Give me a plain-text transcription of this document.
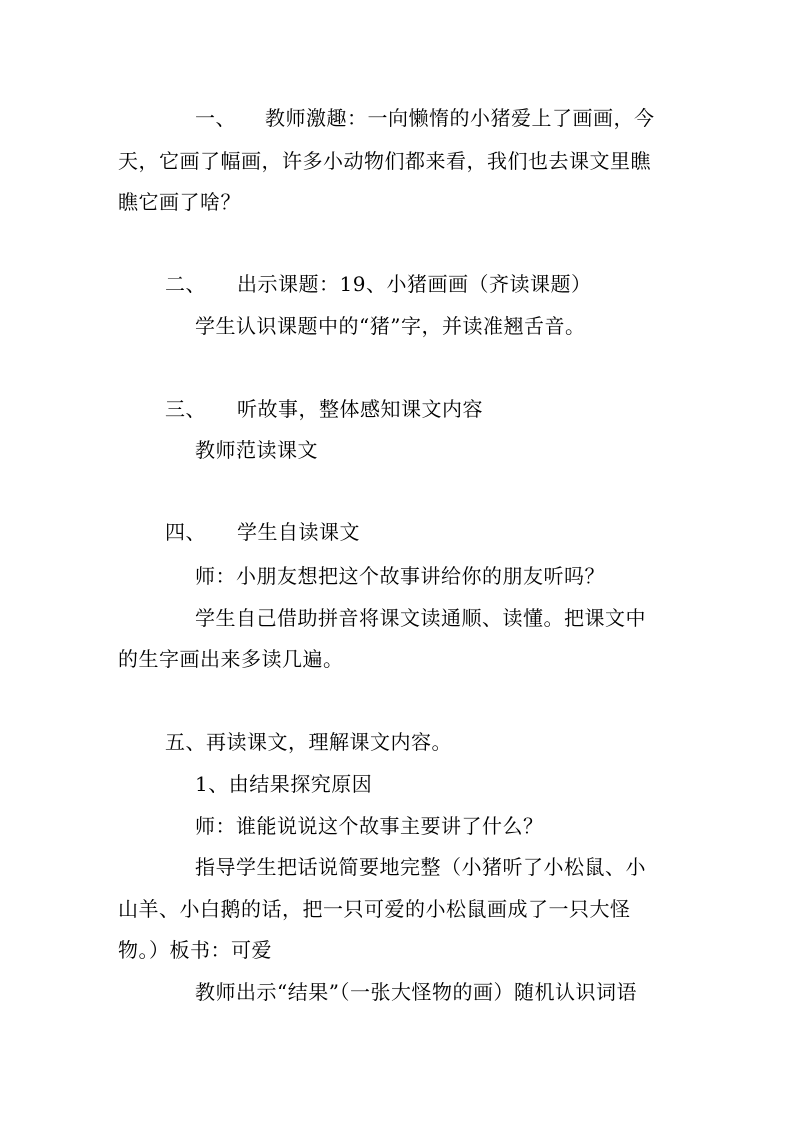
一、 教师激趣：一向懒惰的小猪爱上了画画，今
天，它画了幅画，许多小动物们都来看，我们也去课文里瞧
瞧它画了啥？
二、 出示课题：19、小猪画画（齐读课题）
学生认识课题中的“猪”字，并读准翘舌音。
三、 听故事，整体感知课文内容
教师范读课文
四、 学生自读课文
师：小朋友想把这个故事讲给你的朋友听吗？
学生自己借助拼音将课文读通顺、读懂。把课文中
的生字画出来多读几遍。
五、再读课文，理解课文内容。
1、由结果探究原因
师：谁能说说这个故事主要讲了什么？
指导学生把话说简要地完整（小猪听了小松鼠、小
山羊、小白鹅的话，把一只可爱的小松鼠画成了一只大怪
物。）板书：可爱
教师出示“结果”（一张大怪物的画）随机认识词语
